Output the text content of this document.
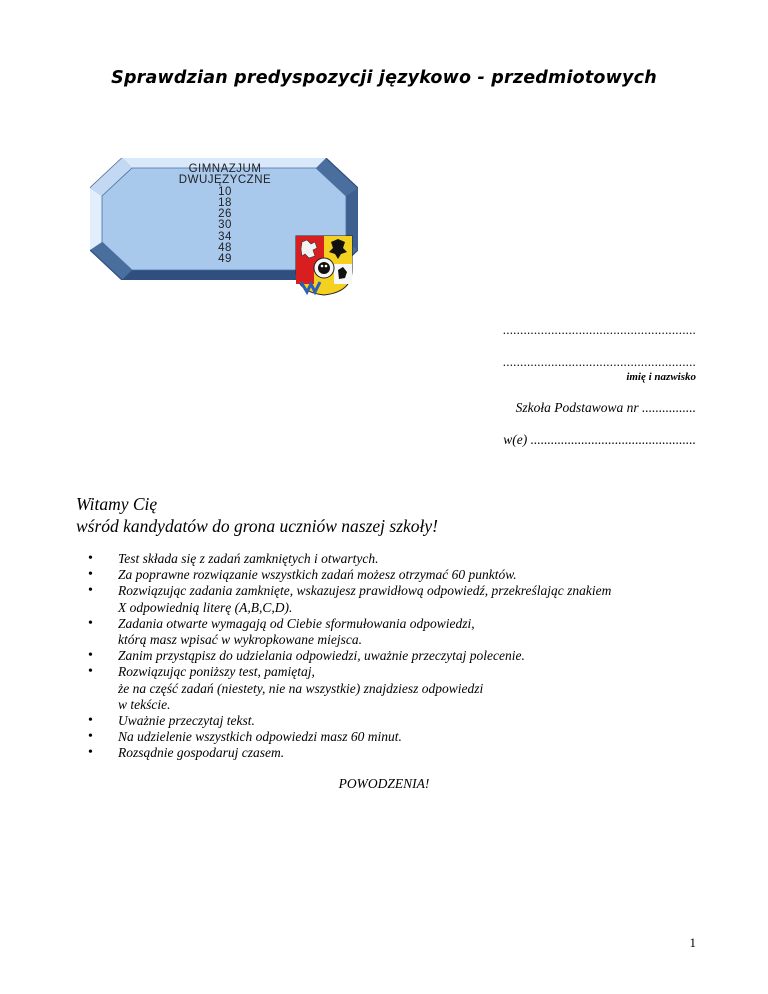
Sprawdzian predyspozycji językowo - przedmiotowych
GIMNAZJUM
DWUJĘZYCZNE
10
18
26
30
34
48
49
........................................................
........................................................
imię i nazwisko
Szkoła Podstawowa nr ................
w(e) .................................................
Witamy Cię
wśród kandydatów do grona uczniów naszej szkoły!
• Test składa się z zadań zamkniętych i otwartych.
• Za poprawne rozwiązanie wszystkich zadań możesz otrzymać 60 punktów.
• Rozwiązując zadania zamknięte, wskazujesz prawidłową odpowiedź, przekreślając znakiem
X odpowiednią literę (A,B,C,D).
• Zadania otwarte wymagają od Ciebie sformułowania odpowiedzi,
którą masz wpisać w wykropkowane miejsca.
• Zanim przystąpisz do udzielania odpowiedzi, uważnie przeczytaj polecenie.
• Rozwiązując poniższy test, pamiętaj,
że na część zadań (niestety, nie na wszystkie) znajdziesz odpowiedzi
w tekście.
• Uważnie przeczytaj tekst.
• Na udzielenie wszystkich odpowiedzi masz 60 minut.
• Rozsądnie gospodaruj czasem.
POWODZENIA!
1
